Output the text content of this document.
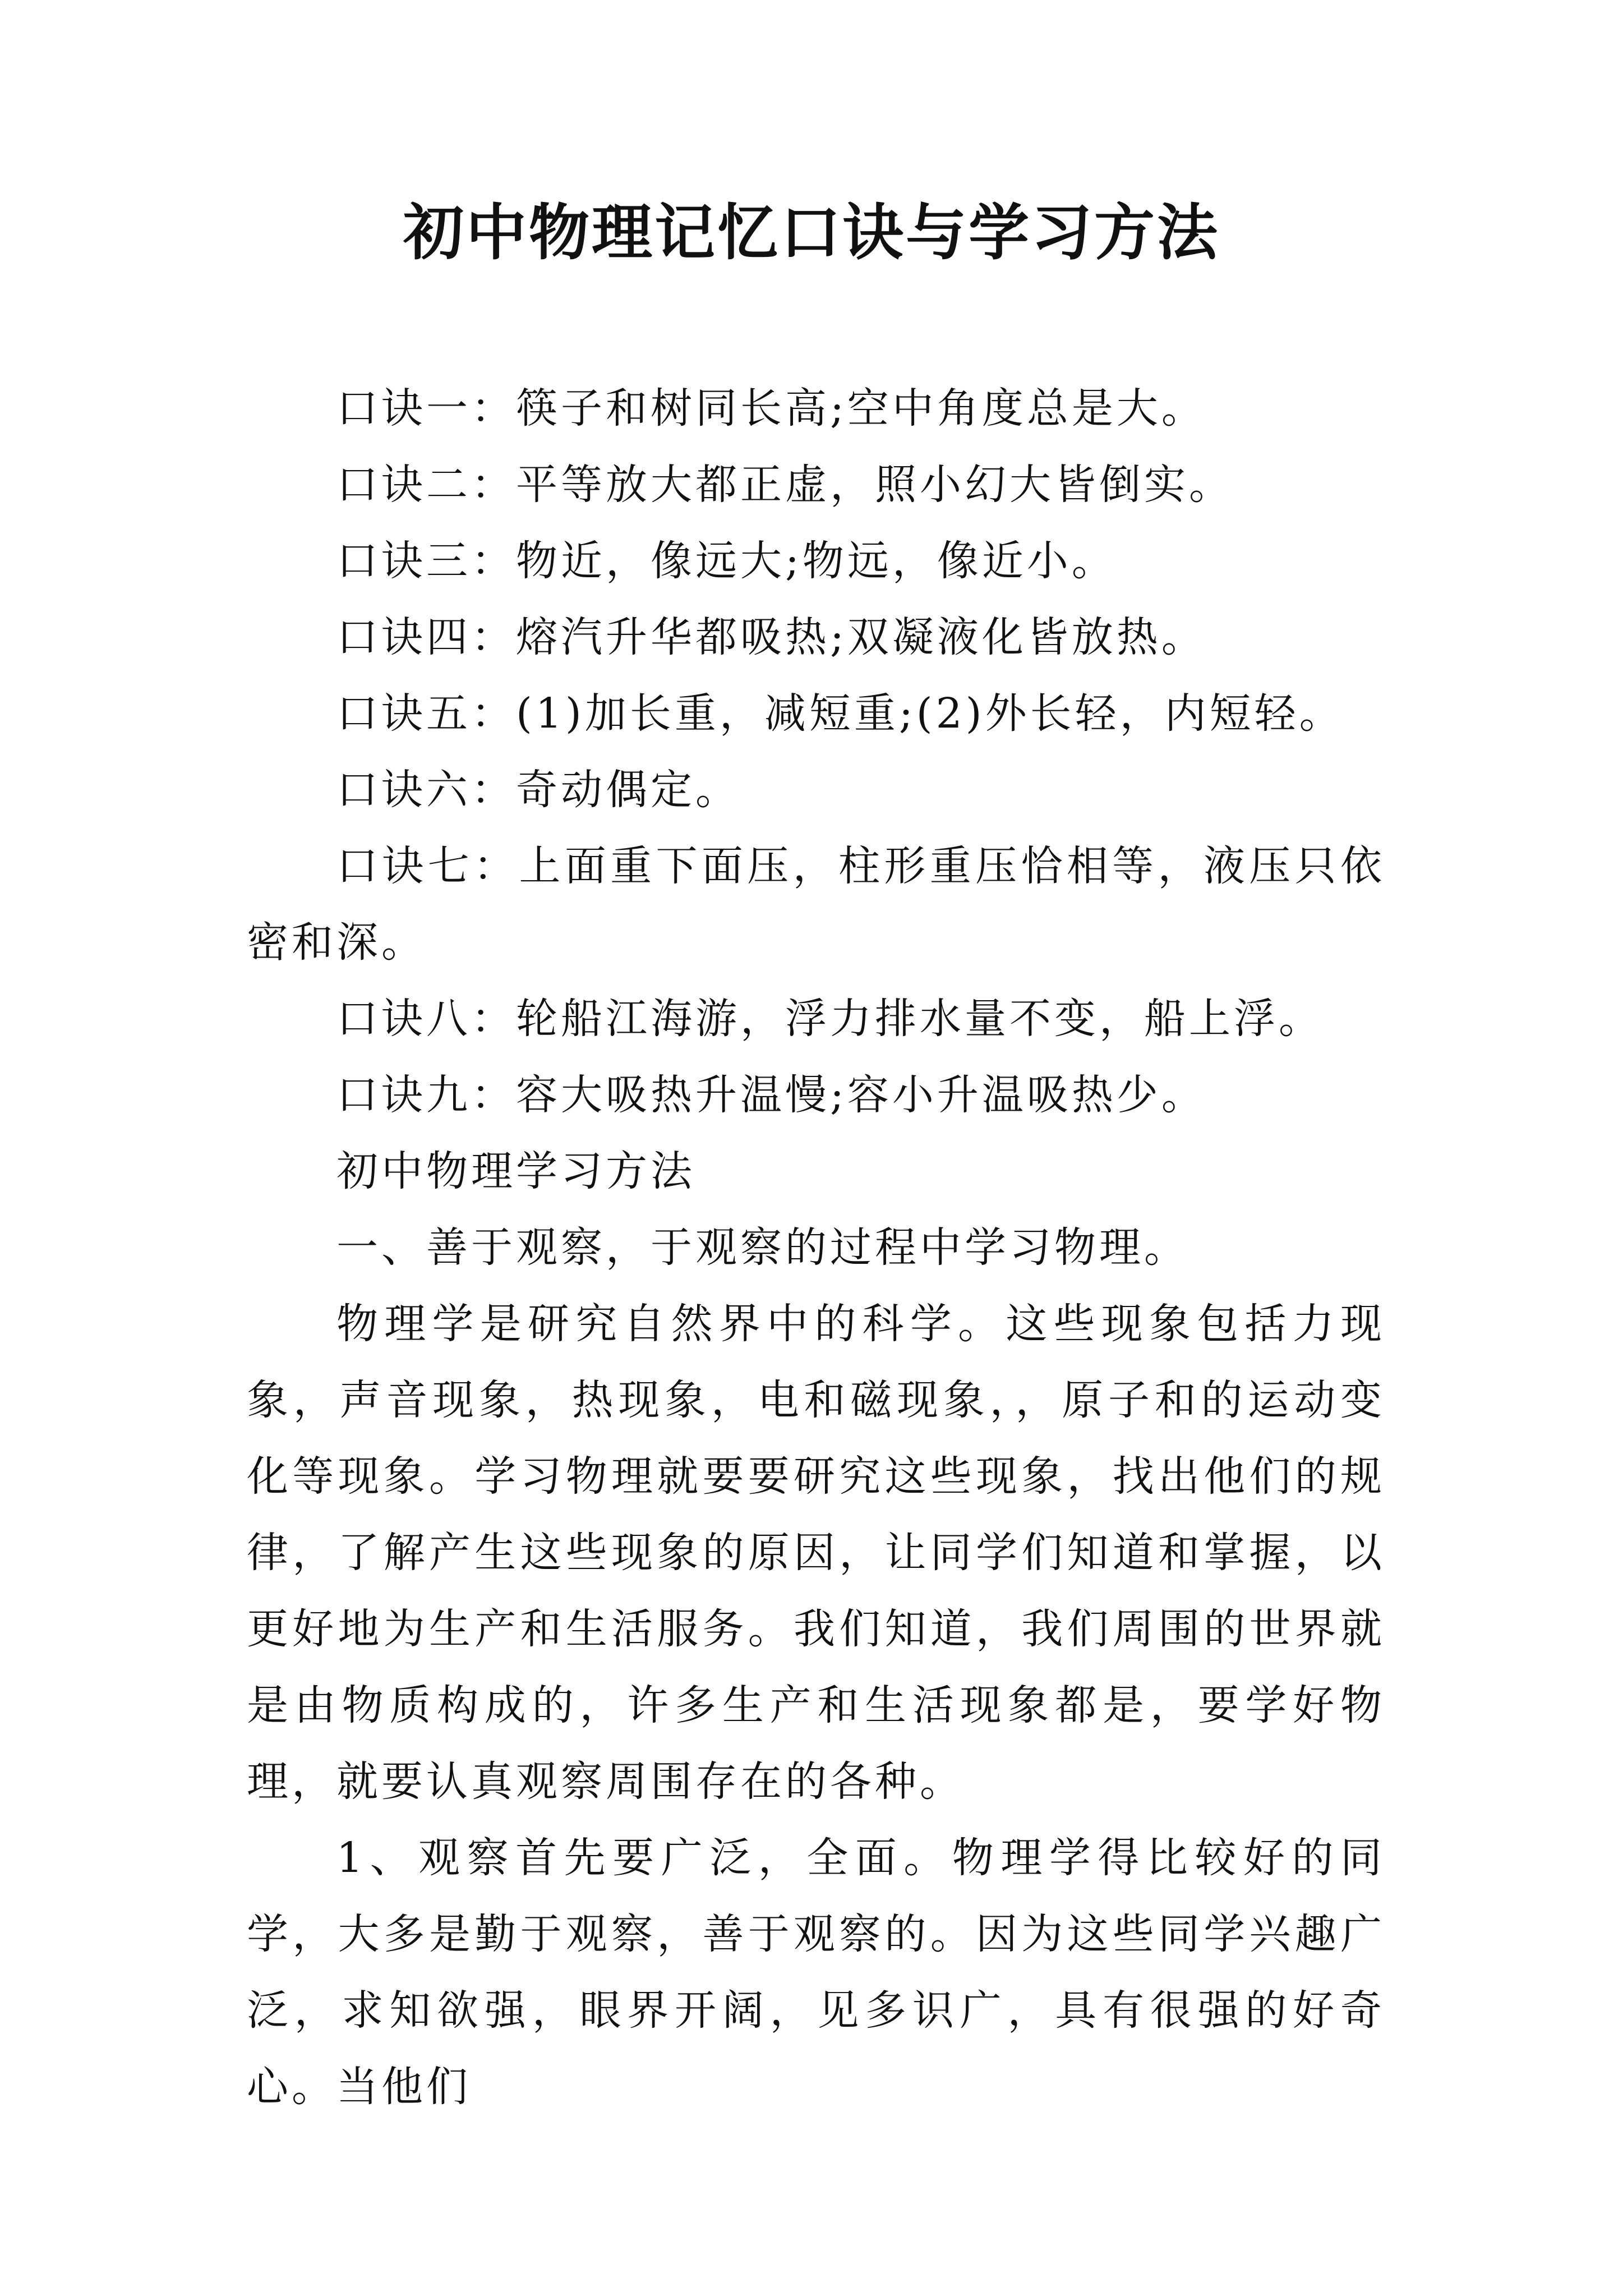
初中物理记忆口诀与学习方法

口诀一：筷子和树同长高;空中角度总是大。

口诀二：平等放大都正虚，照小幻大皆倒实。

口诀三：物近，像远大;物远，像近小。

口诀四：熔汽升华都吸热;双凝液化皆放热。

口诀五：(1)加长重，减短重;(2)外长轻，内短轻。

口诀六：奇动偶定。

口诀七：上面重下面压，柱形重压恰相等，液压只依密和深。

口诀八：轮船江海游，浮力排水量不变，船上浮。

口诀九：容大吸热升温慢;容小升温吸热少。

初中物理学习方法

一、善于观察，于观察的过程中学习物理。

物理学是研究自然界中的科学。这些现象包括力现象，声音现象，热现象，电和磁现象，，原子和的运动变化等现象。学习物理就要要研究这些现象，找出他们的规律，了解产生这些现象的原因，让同学们知道和掌握，以更好地为生产和生活服务。我们知道，我们周围的世界就是由物质构成的，许多生产和生活现象都是，要学好物理，就要认真观察周围存在的各种。

1、观察首先要广泛，全面。物理学得比较好的同学，大多是勤于观察，善于观察的。因为这些同学兴趣广泛，求知欲强，眼界开阔，见多识广，具有很强的好奇心。当他们
